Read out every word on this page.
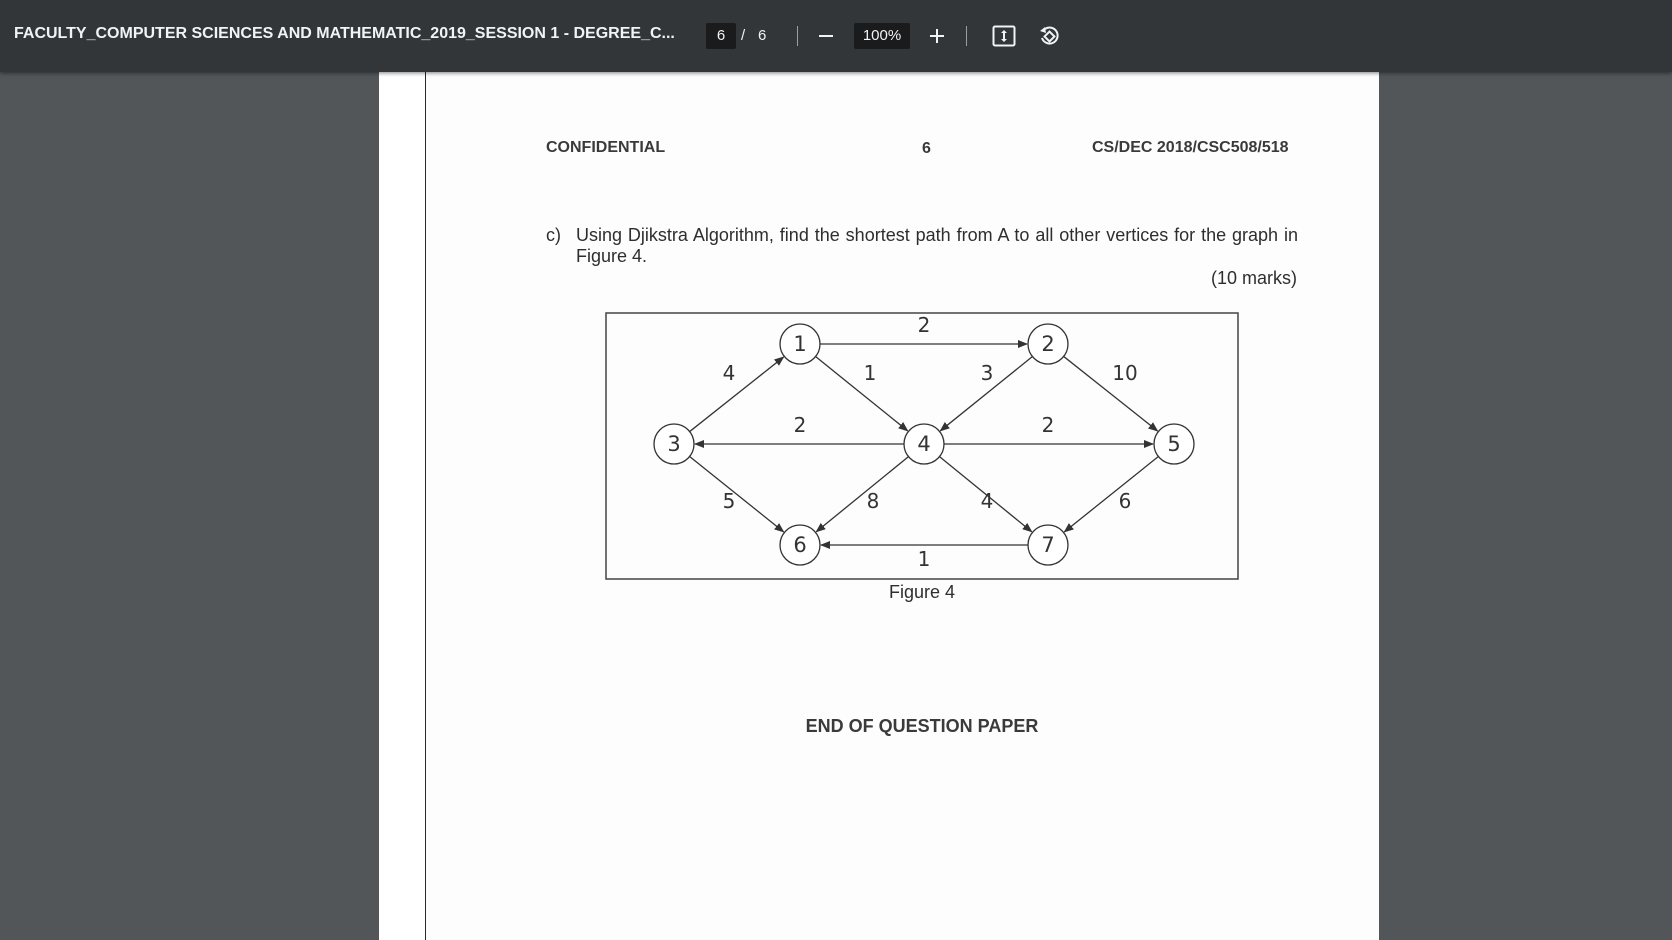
FACULTY_COMPUTER SCIENCES AND MATHEMATIC_2019_SESSION 1 - DEGREE_C...	6	/ 6	100%
CONFIDENTIAL	6	CS/DEC 2018/CSC508/518
c) Using Djikstra Algorithm, find the shortest path from A to all other vertices for the graph in Figure 4.
(10 marks)
2
4	1	3	10
2	2
5	8	4	6
1
1	2
3	4	5
6	7
Figure 4
END OF QUESTION PAPER
